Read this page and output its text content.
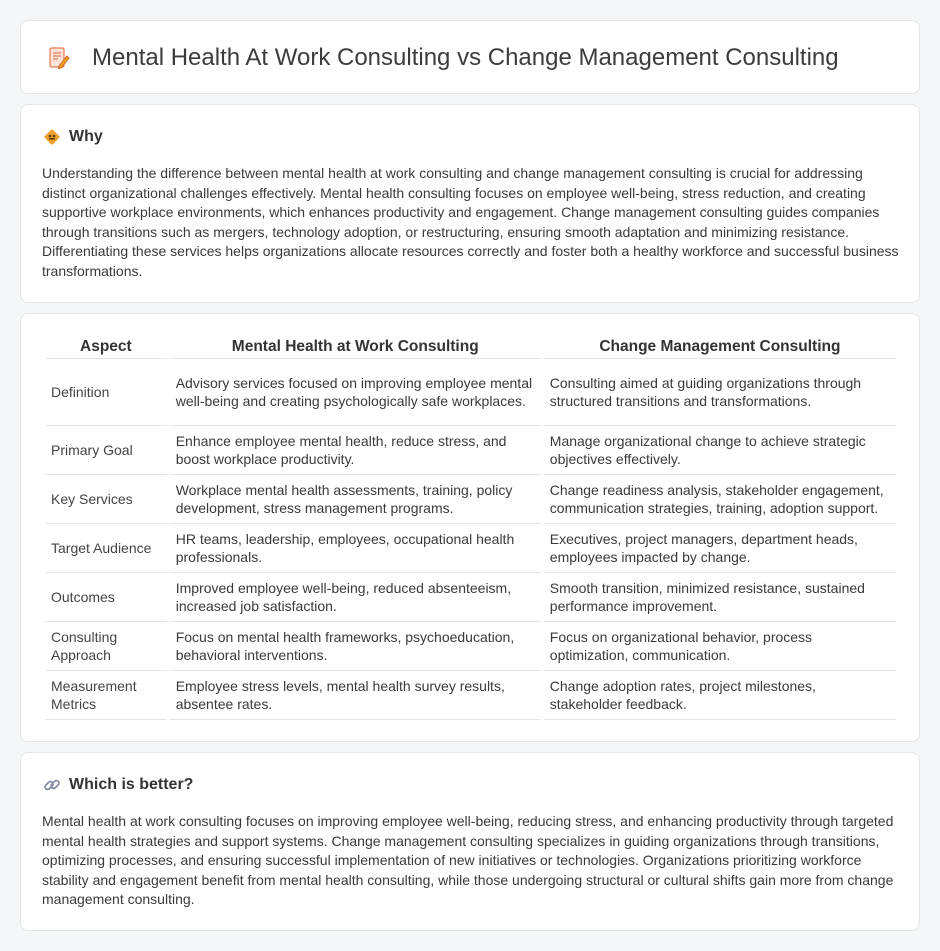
Mental Health At Work Consulting vs Change Management Consulting
Why

Understanding the difference between mental health at work consulting and change management consulting is crucial for addressing distinct organizational challenges effectively. Mental health consulting focuses on employee well-being, stress reduction, and creating supportive workplace environments, which enhances productivity and engagement. Change management consulting guides companies through transitions such as mergers, technology adoption, or restructuring, ensuring smooth adaptation and minimizing resistance. Differentiating these services helps organizations allocate resources correctly and foster both a healthy workforce and successful business transformations.

Aspect	Mental Health at Work Consulting	Change Management Consulting
Definition	Advisory services focused on improving employee mental well-being and creating psychologically safe workplaces.	Consulting aimed at guiding organizations through structured transitions and transformations.
Primary Goal	Enhance employee mental health, reduce stress, and boost workplace productivity.	Manage organizational change to achieve strategic objectives effectively.
Key Services	Workplace mental health assessments, training, policy development, stress management programs.	Change readiness analysis, stakeholder engagement, communication strategies, training, adoption support.
Target Audience	HR teams, leadership, employees, occupational health professionals.	Executives, project managers, department heads, employees impacted by change.
Outcomes	Improved employee well-being, reduced absenteeism, increased job satisfaction.	Smooth transition, minimized resistance, sustained performance improvement.
Consulting Approach	Focus on mental health frameworks, psychoeducation, behavioral interventions.	Focus on organizational behavior, process optimization, communication.
Measurement Metrics	Employee stress levels, mental health survey results, absentee rates.	Change adoption rates, project milestones, stakeholder feedback.
Which is better?

Mental health at work consulting focuses on improving employee well-being, reducing stress, and enhancing productivity through targeted mental health strategies and support systems. Change management consulting specializes in guiding organizations through transitions, optimizing processes, and ensuring successful implementation of new initiatives or technologies. Organizations prioritizing workforce stability and engagement benefit from mental health consulting, while those undergoing structural or cultural shifts gain more from change management consulting.
